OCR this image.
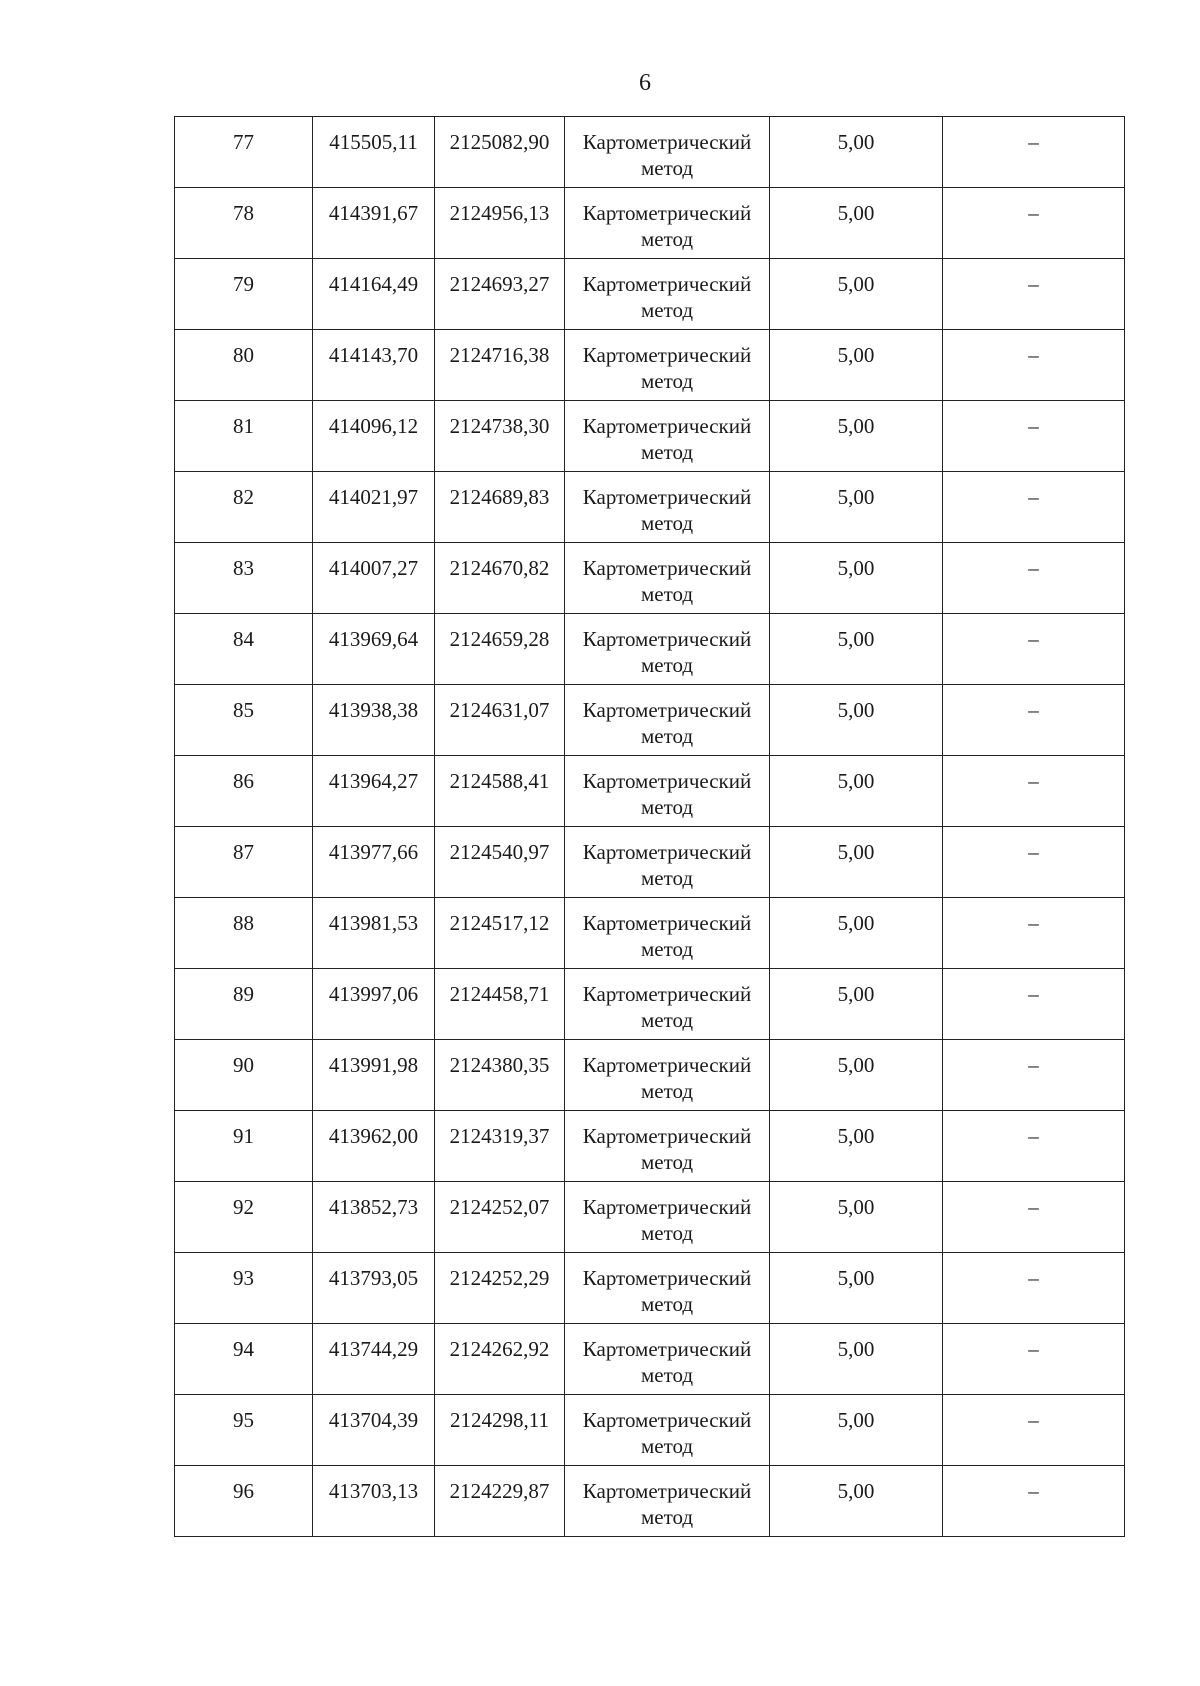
6
77	415505,11	2125082,90	Картометрический метод	5,00	–
78	414391,67	2124956,13	Картометрический метод	5,00	–
79	414164,49	2124693,27	Картометрический метод	5,00	–
80	414143,70	2124716,38	Картометрический метод	5,00	–
81	414096,12	2124738,30	Картометрический метод	5,00	–
82	414021,97	2124689,83	Картометрический метод	5,00	–
83	414007,27	2124670,82	Картометрический метод	5,00	–
84	413969,64	2124659,28	Картометрический метод	5,00	–
85	413938,38	2124631,07	Картометрический метод	5,00	–
86	413964,27	2124588,41	Картометрический метод	5,00	–
87	413977,66	2124540,97	Картометрический метод	5,00	–
88	413981,53	2124517,12	Картометрический метод	5,00	–
89	413997,06	2124458,71	Картометрический метод	5,00	–
90	413991,98	2124380,35	Картометрический метод	5,00	–
91	413962,00	2124319,37	Картометрический метод	5,00	–
92	413852,73	2124252,07	Картометрический метод	5,00	–
93	413793,05	2124252,29	Картометрический метод	5,00	–
94	413744,29	2124262,92	Картометрический метод	5,00	–
95	413704,39	2124298,11	Картометрический метод	5,00	–
96	413703,13	2124229,87	Картометрический метод	5,00	–
